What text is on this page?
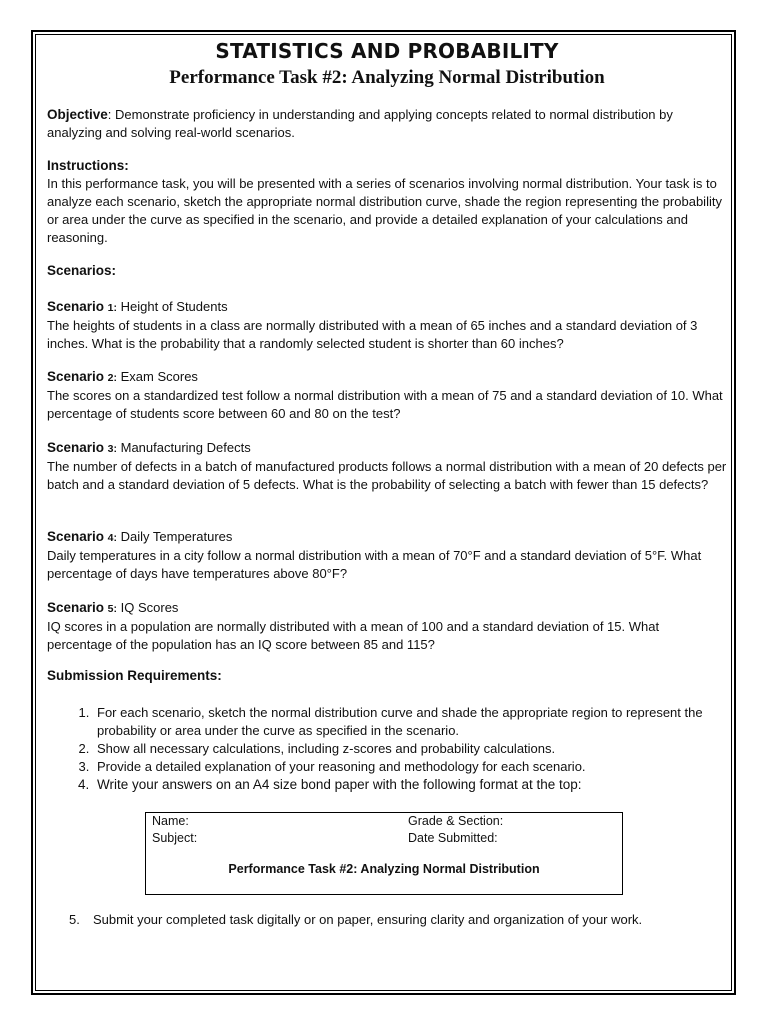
STATISTICS AND PROBABILITY
Performance Task #2: Analyzing Normal Distribution
Objective: Demonstrate proficiency in understanding and applying concepts related to normal distribution by analyzing and solving real-world scenarios.
Instructions:
In this performance task, you will be presented with a series of scenarios involving normal distribution. Your task is to analyze each scenario, sketch the appropriate normal distribution curve, shade the region representing the probability or area under the curve as specified in the scenario, and provide a detailed explanation of your calculations and reasoning.
Scenarios:
Scenario 1: Height of Students
The heights of students in a class are normally distributed with a mean of 65 inches and a standard deviation of 3 inches. What is the probability that a randomly selected student is shorter than 60 inches?
Scenario 2: Exam Scores
The scores on a standardized test follow a normal distribution with a mean of 75 and a standard deviation of 10. What percentage of students score between 60 and 80 on the test?
Scenario 3: Manufacturing Defects
The number of defects in a batch of manufactured products follows a normal distribution with a mean of 20 defects per batch and a standard deviation of 5 defects. What is the probability of selecting a batch with fewer than 15 defects?
Scenario 4: Daily Temperatures
Daily temperatures in a city follow a normal distribution with a mean of 70°F and a standard deviation of 5°F. What percentage of days have temperatures above 80°F?
Scenario 5: IQ Scores
IQ scores in a population are normally distributed with a mean of 100 and a standard deviation of 15. What percentage of the population has an IQ score between 85 and 115?
Submission Requirements:
1. For each scenario, sketch the normal distribution curve and shade the appropriate region to represent the probability or area under the curve as specified in the scenario.
2. Show all necessary calculations, including z-scores and probability calculations.
3. Provide a detailed explanation of your reasoning and methodology for each scenario.
4. Write your answers on an A4 size bond paper with the following format at the top:
Name:	Grade & Section:
Subject:	Date Submitted:
Performance Task #2: Analyzing Normal Distribution
5. Submit your completed task digitally or on paper, ensuring clarity and organization of your work.
